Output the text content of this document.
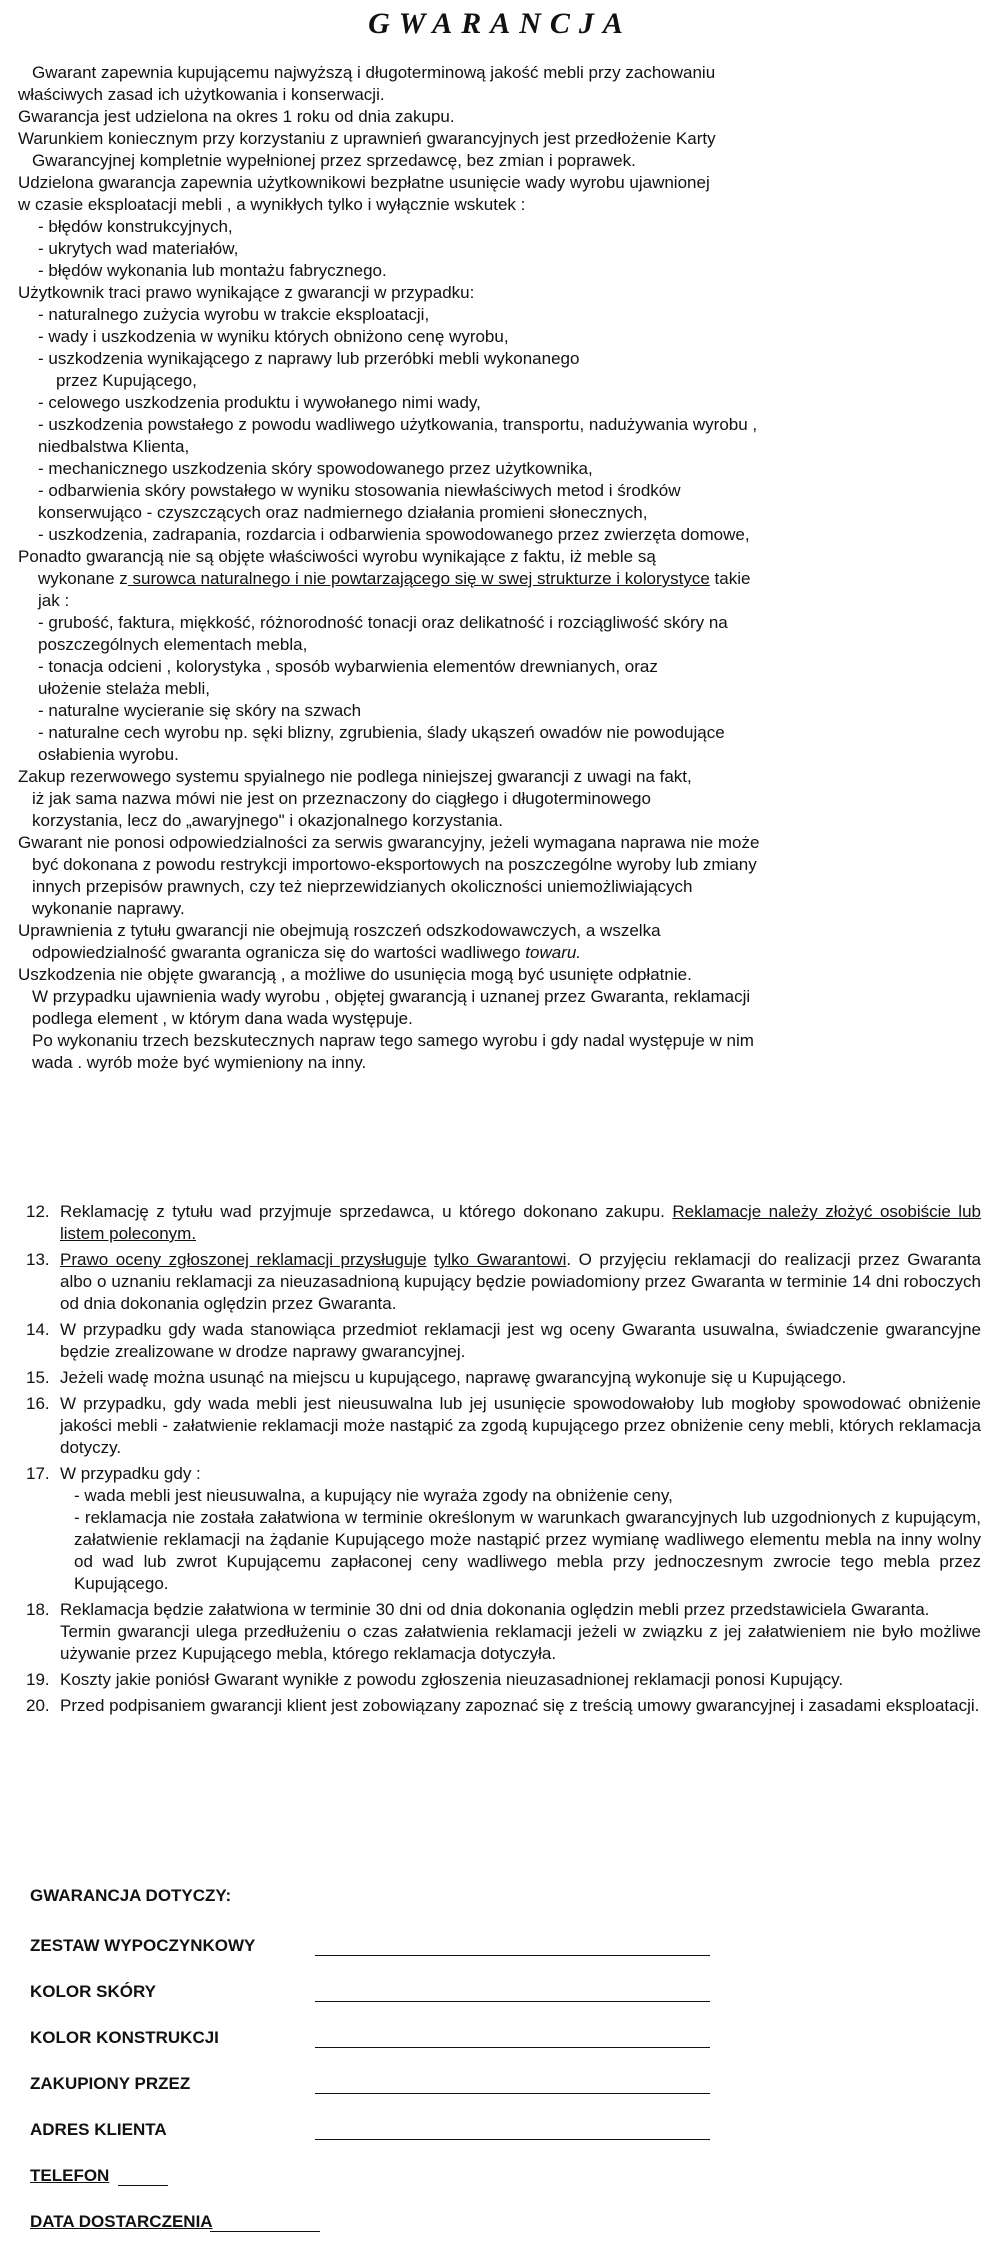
GWARANCJA

Gwarant zapewnia kupującemu najwyższą i długoterminową jakość mebli przy zachowaniu

właściwych zasad ich użytkowania i konserwacji.

Gwarancja jest udzielona na okres 1 roku od dnia zakupu.

Warunkiem koniecznym przy korzystaniu z uprawnień gwarancyjnych jest przedłożenie Karty

Gwarancyjnej kompletnie wypełnionej przez sprzedawcę, bez zmian i poprawek.

Udzielona gwarancja zapewnia użytkownikowi bezpłatne usunięcie wady wyrobu ujawnionej

w czasie eksploatacji mebli , a wynikłych tylko i wyłącznie wskutek :

- błędów konstrukcyjnych,

- ukrytych wad materiałów,

- błędów wykonania lub montażu fabrycznego.

Użytkownik traci prawo wynikające z gwarancji w przypadku:

- naturalnego zużycia wyrobu w trakcie eksploatacji,

- wady i uszkodzenia w wyniku których obniżono cenę wyrobu,

- uszkodzenia wynikającego z naprawy lub przeróbki mebli wykonanego

przez Kupującego,

- celowego uszkodzenia produktu i wywołanego nimi wady,

- uszkodzenia powstałego z powodu wadliwego użytkowania, transportu, nadużywania wyrobu ,

niedbalstwa Klienta,

- mechanicznego uszkodzenia skóry spowodowanego przez użytkownika,

- odbarwienia skóry powstałego w wyniku stosowania niewłaściwych metod i środków

konserwująco - czyszczących oraz nadmiernego działania promieni słonecznych,

- uszkodzenia, zadrapania, rozdarcia i odbarwienia spowodowanego przez zwierzęta domowe,

Ponadto gwarancją nie są objęte właściwości wyrobu wynikające z faktu, iż meble są

wykonane z surowca naturalnego i nie powtarzającego się w swej strukturze i kolorystyce takie

jak :

- grubość, faktura, miękkość, różnorodność tonacji oraz delikatność i rozciągliwość skóry na

poszczególnych elementach mebla,

- tonacja odcieni , kolorystyka , sposób wybarwienia elementów drewnianych, oraz

ułożenie stelaża mebli,

- naturalne wycieranie się skóry na szwach

- naturalne cech wyrobu np. sęki blizny, zgrubienia, ślady ukąszeń owadów nie powodujące

osłabienia wyrobu.

Zakup rezerwowego systemu spyialnego nie podlega niniejszej gwarancji z uwagi na fakt,

iż jak sama nazwa mówi nie jest on przeznaczony do ciągłego i długoterminowego

korzystania, lecz do „awaryjnego" i okazjonalnego korzystania.

Gwarant nie ponosi odpowiedzialności za serwis gwarancyjny, jeżeli wymagana naprawa nie może

być dokonana z powodu restrykcji importowo-eksportowych na poszczególne wyroby lub zmiany

innych przepisów prawnych, czy też nieprzewidzianych okoliczności uniemożliwiających

wykonanie naprawy.

Uprawnienia z tytułu gwarancji nie obejmują roszczeń odszkodowawczych, a wszelka

odpowiedzialność gwaranta ogranicza się do wartości wadliwego towaru.

Uszkodzenia nie objęte gwarancją , a możliwe do usunięcia mogą być usunięte odpłatnie.

W przypadku ujawnienia wady wyrobu , objętej gwarancją i uznanej przez Gwaranta, reklamacji

podlega element , w którym dana wada występuje.

Po wykonaniu trzech bezskutecznych napraw tego samego wyrobu i gdy nadal występuje w nim

wada . wyrób może być wymieniony na inny.

12. Reklamację z tytułu wad przyjmuje sprzedawca, u którego dokonano zakupu. Reklamacje należy złożyć osobiście lub listem poleconym.
13. Prawo oceny zgłoszonej reklamacji przysługuje tylko Gwarantowi. O przyjęciu reklamacji do realizacji przez Gwaranta albo o uznaniu reklamacji za nieuzasadnioną kupujący będzie powiadomiony przez Gwaranta w terminie 14 dni roboczych od dnia dokonania oględzin przez Gwaranta.
14. W przypadku gdy wada stanowiąca przedmiot reklamacji jest wg oceny Gwaranta usuwalna, świadczenie gwarancyjne będzie zrealizowane w drodze naprawy gwarancyjnej.
15. Jeżeli wadę można usunąć na miejscu u kupującego, naprawę gwarancyjną wykonuje się u Kupującego.
16. W przypadku, gdy wada mebli jest nieusuwalna lub jej usunięcie spowodowałoby lub mogłoby spowodować obniżenie jakości mebli - załatwienie reklamacji może nastąpić za zgodą kupującego przez obniżenie ceny mebli, których reklamacja dotyczy.
17. W przypadku gdy :
- wada mebli jest nieusuwalna, a kupujący nie wyraża zgody na obniżenie ceny,
- reklamacja nie została załatwiona w terminie określonym w warunkach gwarancyjnych lub uzgodnionych z kupującym, załatwienie reklamacji na żądanie Kupującego może nastąpić przez wymianę wadliwego elementu mebla na inny wolny od wad lub zwrot Kupującemu zapłaconej ceny wadliwego mebla przy jednoczesnym zwrocie tego mebla przez Kupującego.
18. Reklamacja będzie załatwiona w terminie 30 dni od dnia dokonania oględzin mebli przez przedstawiciela Gwaranta.
Termin gwarancji ulega przedłużeniu o czas załatwienia reklamacji jeżeli w związku z jej załatwieniem nie było możliwe używanie przez Kupującego mebla, którego reklamacja dotyczyła.
19. Koszty jakie poniósł Gwarant wynikłe z powodu zgłoszenia nieuzasadnionej reklamacji ponosi Kupujący.
20. Przed podpisaniem gwarancji klient jest zobowiązany zapoznać się z treścią umowy gwarancyjnej i zasadami eksploatacji.
GWARANCJA DOTYCZY:
ZESTAW WYPOCZYNKOWY
KOLOR SKÓRY
KOLOR KONSTRUKCJI
ZAKUPIONY PRZEZ
ADRES KLIENTA
TELEFON
DATA DOSTARCZENIA
